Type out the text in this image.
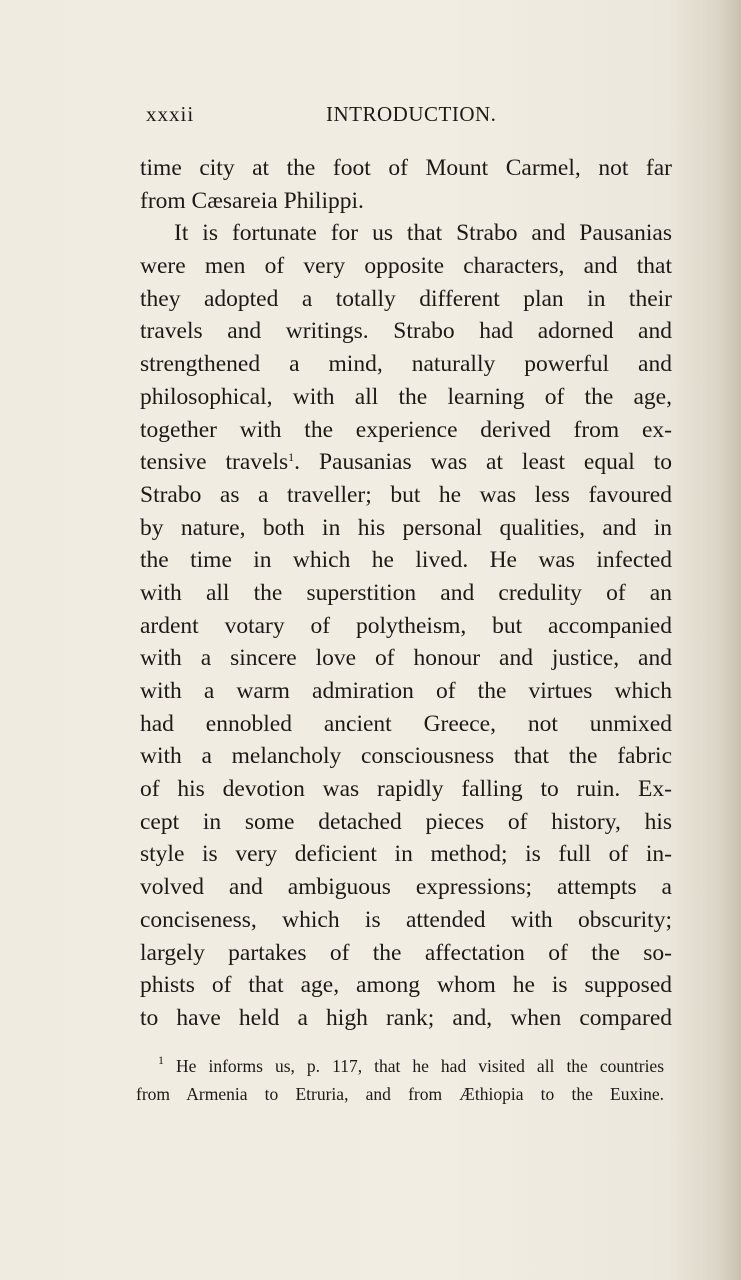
xxxii	INTRODUCTION.
time city at the foot of Mount Carmel, not far
from Cæsareia Philippi.
It is fortunate for us that Strabo and Pausanias
were men of very opposite characters, and that
they adopted a totally different plan in their
travels and writings. Strabo had adorned and
strengthened a mind, naturally powerful and
philosophical, with all the learning of the age,
together with the experience derived from ex-
tensive travels$^1$. Pausanias was at least equal to
Strabo as a traveller; but he was less favoured
by nature, both in his personal qualities, and in
the time in which he lived. He was infected
with all the superstition and credulity of an
ardent votary of polytheism, but accompanied
with a sincere love of honour and justice, and
with a warm admiration of the virtues which
had ennobled ancient Greece, not unmixed
with a melancholy consciousness that the fabric
of his devotion was rapidly falling to ruin. Ex-
cept in some detached pieces of history, his
style is very deficient in method; is full of in-
volved and ambiguous expressions; attempts a
conciseness, which is attended with obscurity;
largely partakes of the affectation of the so-
phists of that age, among whom he is supposed
to have held a high rank; and, when compared
$^1$ He informs us, p. 117, that he had visited all the countries
from Armenia to Etruria, and from Æthiopia to the Euxine.
